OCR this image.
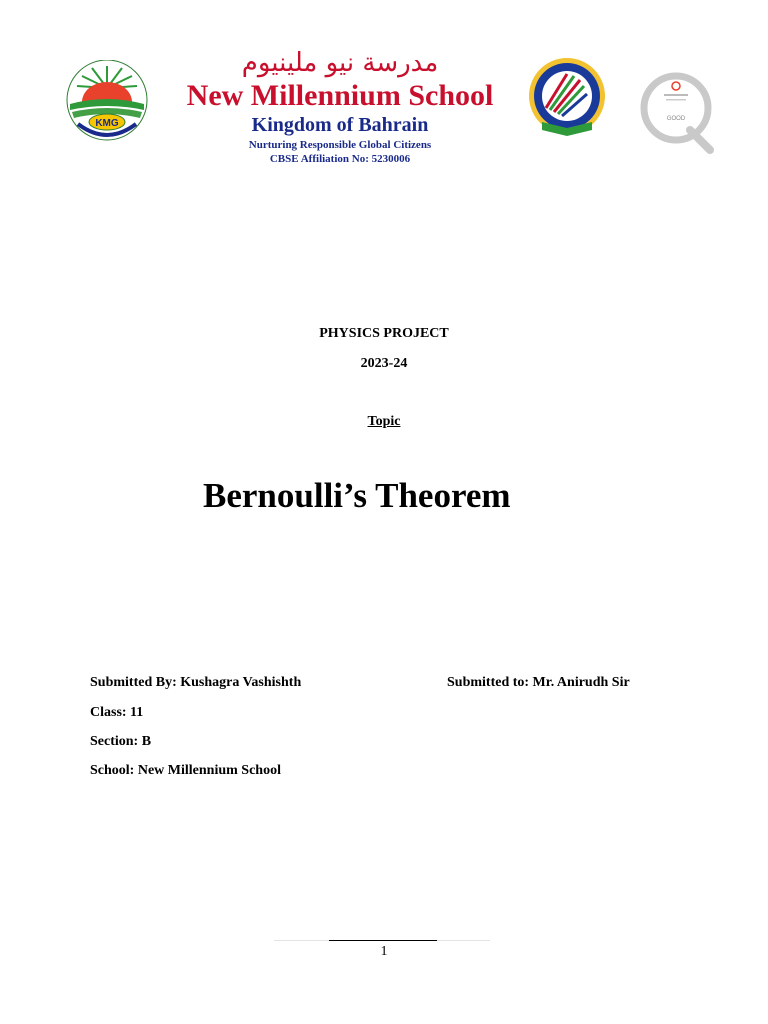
KMG
مدرسة نيو ملينيوم
New Millennium School
Kingdom of Bahrain
Nurturing Responsible Global Citizens
CBSE Affiliation No: 5230006
GOOD
PHYSICS PROJECT
2023-24
Topic
Bernoulli’s Theorem
Submitted By: Kushagra Vashishth	Submitted to: Mr. Anirudh Sir
Class: 11
Section: B
School: New Millennium School
1
